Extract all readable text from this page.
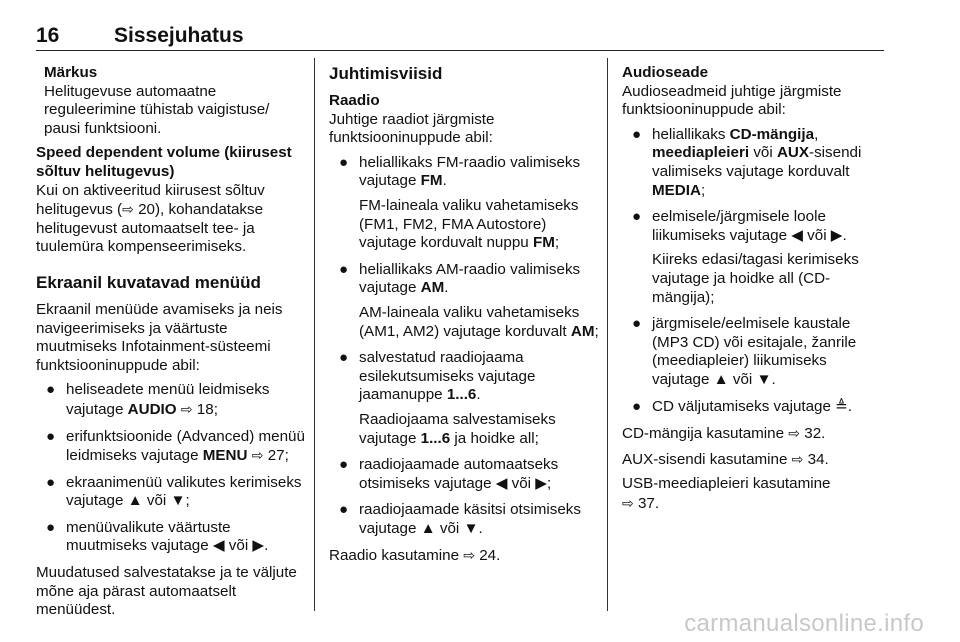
16	Sissejuhatus
Märkus
Helitugevuse automaatne reguleerimine tühistab vaigistuse/ pausi funktsiooni.
Speed dependent volume (kiirusest sõltuv helitugevus)

Kui on aktiveeritud kiirusest sõltuv helitugevus (⇨ 20), kohandatakse helitugevust automaatselt tee- ja tuulemüra kompenseerimiseks.

Ekraanil kuvatavad menüüd

Ekraanil menüüde avamiseks ja neis navigeerimiseks ja väärtuste muutmiseks Infotainment-süsteemi funktsiooninuppude abil:

● heliseadete menüü leidmiseks vajutage AUDIO ⇨ 18;
● erifunktsioonide (Advanced) menüü leidmiseks vajutage MENU ⇨ 27;
● ekraanimenüü valikutes kerimiseks vajutage ▲ või ▼;
● menüüvalikute väärtuste muutmiseks vajutage ◀ või ▶.

Muudatused salvestatakse ja te väljute mõne aja pärast automaatselt menüüdest.

Juhtimisviisid
Raadio

Juhtige raadiot järgmiste funktsiooninuppude abil:

● heliallikaks FM-raadio valimiseks vajutage FM.
FM-laineala valiku vahetamiseks (FM1, FM2, FMA Autostore) vajutage korduvalt nuppu FM;
● heliallikaks AM-raadio valimiseks vajutage AM.
AM-laineala valiku vahetamiseks (AM1, AM2) vajutage korduvalt AM;
● salvestatud raadiojaama esilekutsumiseks vajutage jaamanuppe 1...6.
Raadiojaama salvestamiseks vajutage 1...6 ja hoidke all;
● raadiojaamade automaatseks otsimiseks vajutage ◀ või ▶;
● raadiojaamade käsitsi otsimiseks vajutage ▲ või ▼.

Raadio kasutamine ⇨ 24.

Audioseade

Audioseadmeid juhtige järgmiste funktsiooninuppude abil:

● heliallikaks CD-mängija, meediapleieri või AUX-sisendi valimiseks vajutage korduvalt MEDIA;
● eelmisele/järgmisele loole liikumiseks vajutage ◀ või ▶.
Kiireks edasi/tagasi kerimiseks vajutage ja hoidke all (CD-mängija);
● järgmisele/eelmisele kaustale (MP3 CD) või esitajale, žanrile (meediapleier) liikumiseks vajutage ▲ või ▼.
● CD väljutamiseks vajutage ≜.

CD-mängija kasutamine ⇨ 32.

AUX-sisendi kasutamine ⇨ 34.

USB-meediapleieri kasutamine
⇨ 37.

carmanualsonline.info
